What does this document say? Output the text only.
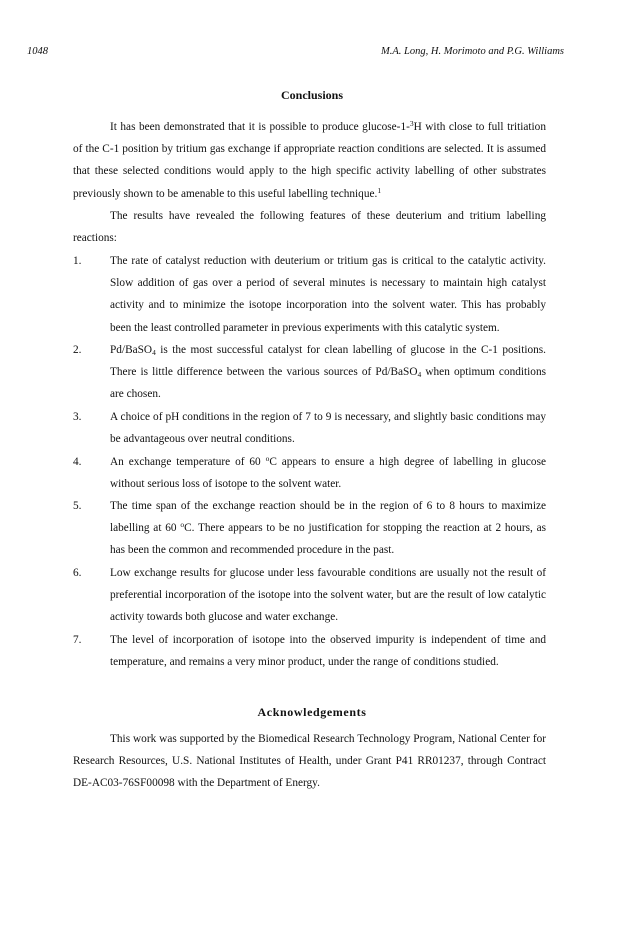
1048	M.A. Long, H. Morimoto and P.G. Williams
Conclusions

It has been demonstrated that it is possible to produce glucose-1-$^3$H with close to full tritiation of the C-1 position by tritium gas exchange if appropriate reaction conditions are selected. It is assumed that these selected conditions would apply to the high specific activity labelling of other substrates previously shown to be amenable to this useful labelling technique.$^1$

The results have revealed the following features of these deuterium and tritium labelling reactions:

1.	The rate of catalyst reduction with deuterium or tritium gas is critical to the catalytic activity. Slow addition of gas over a period of several minutes is necessary to maintain high catalyst activity and to minimize the isotope incorporation into the solvent water. This has probably been the least controlled parameter in previous experiments with this catalytic system.

2.	Pd/BaSO$_4$ is the most successful catalyst for clean labelling of glucose in the C-1 positions. There is little difference between the various sources of Pd/BaSO$_4$ when optimum conditions are chosen.

3.	A choice of pH conditions in the region of 7 to 9 is necessary, and slightly basic conditions may be advantageous over neutral conditions.

4.	An exchange temperature of 60 $^o$C appears to ensure a high degree of labelling in glucose without serious loss of isotope to the solvent water.

5.	The time span of the exchange reaction should be in the region of 6 to 8 hours to maximize labelling at 60 $^o$C. There appears to be no justification for stopping the reaction at 2 hours, as has been the common and recommended procedure in the past.

6.	Low exchange results for glucose under less favourable conditions are usually not the result of preferential incorporation of the isotope into the solvent water, but are the result of low catalytic activity towards both glucose and water exchange.

7.	The level of incorporation of isotope into the observed impurity is independent of time and temperature, and remains a very minor product, under the range of conditions studied.

Acknowledgements

This work was supported by the Biomedical Research Technology Program, National Center for Research Resources, U.S. National Institutes of Health, under Grant P41 RR01237, through Contract DE-AC03-76SF00098 with the Department of Energy.
